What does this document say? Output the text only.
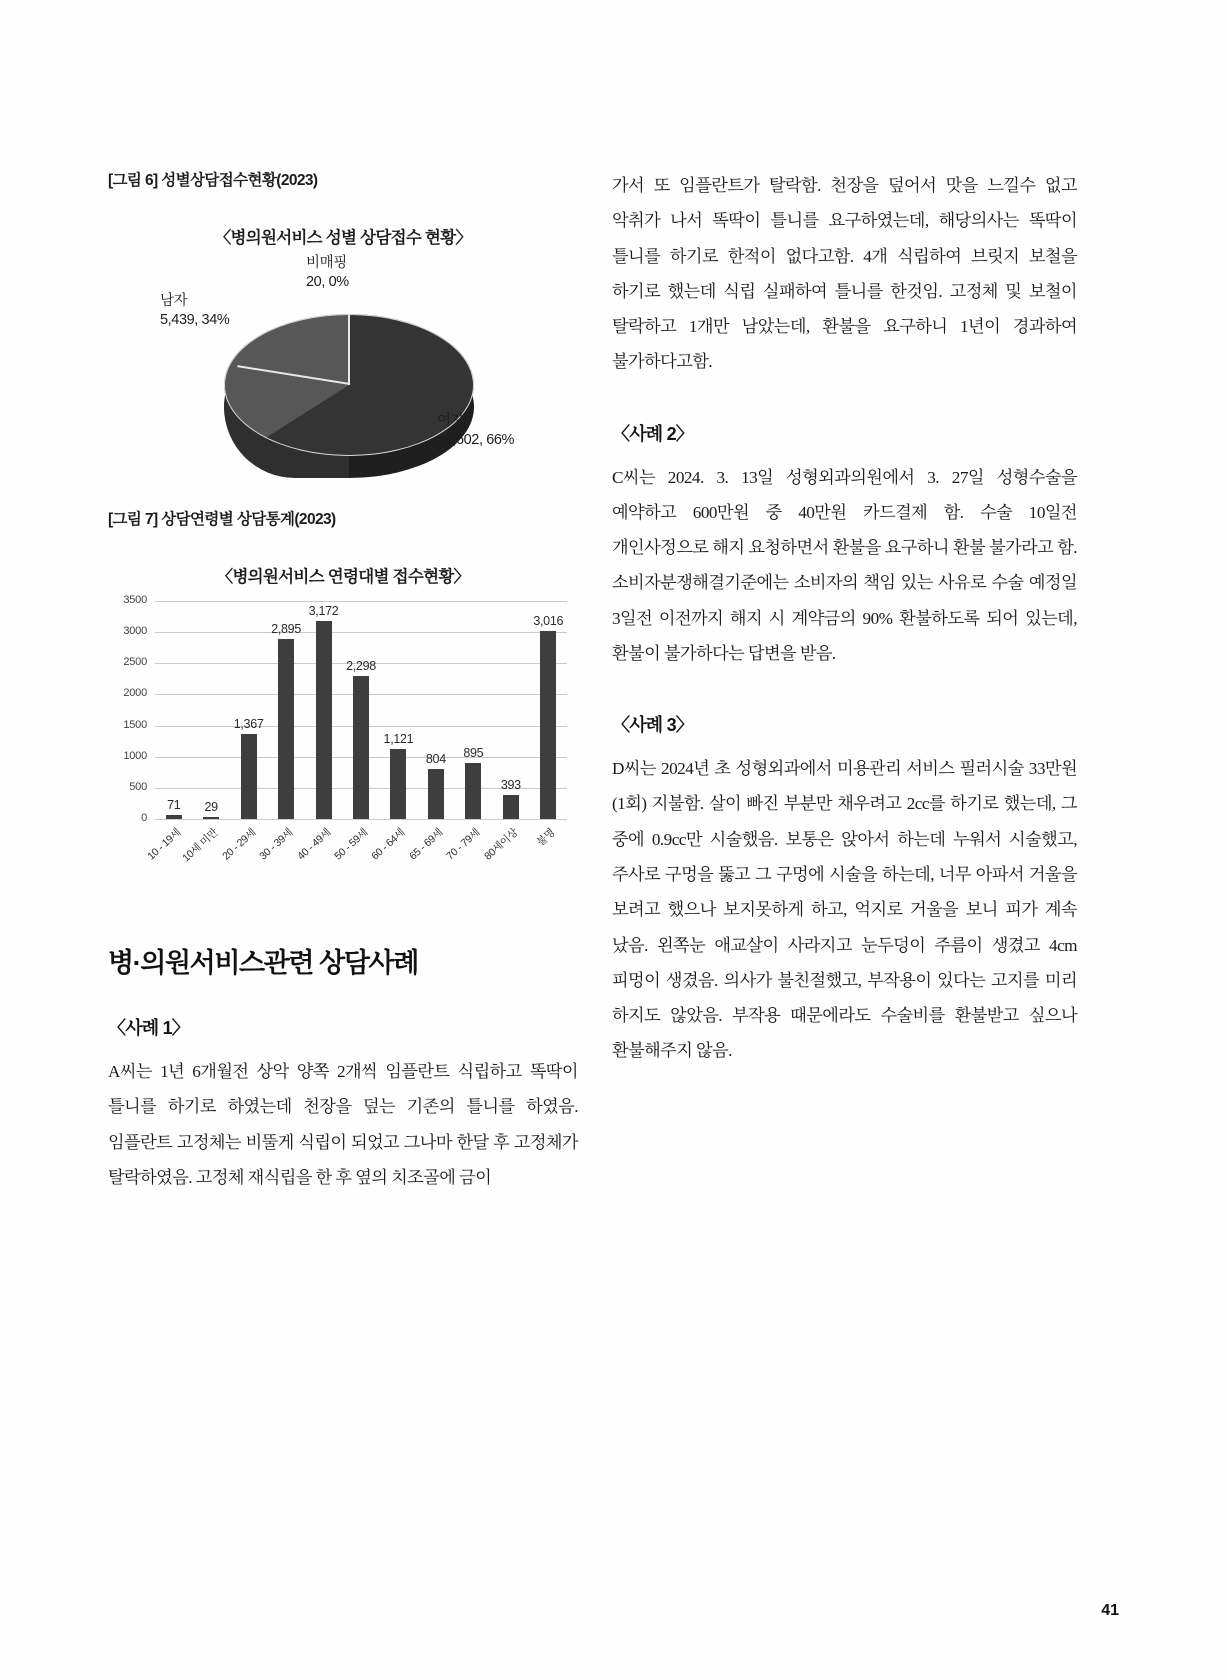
[그림 6] 성별상담접수현황(2023)
〈병의원서비스 성별 상담접수 현황〉
비매핑
20, 0%
남자
5,439, 34%
여자
10,602, 66%
[그림 7] 상담연령별 상담통계(2023)
〈병의원서비스 연령대별 접수현황〉
0
500
1000
1500
2000
2500
3000
3500
71 29
1,367
2,895
3,172
2,298
1,121
804 895
393
3,016
10 - 19세
10세 미만 20 - 29세 30 - 39세 40 - 49세 50 - 59세 60 - 64세 65 - 69세 70 - 79세 80세이상 불명
병·의원서비스관련 상담사례
〈사례 1〉

A씨는 1년 6개월전 상악 양쪽 2개씩 임플란트 식립하고 똑딱이 틀니를 하기로 하였는데 천장을 덮는 기존의 틀니를 하였음. 임플란트 고정체는 비뚤게 식립이 되었고 그나마 한달 후 고정체가 탈락하였음. 고정체 재식립을 한 후 옆의 치조골에 금이

가서 또 임플란트가 탈락함. 천장을 덮어서 맛을 느낄수 없고 악취가 나서 똑딱이 틀니를 요구하였는데, 해당의사는 똑딱이 틀니를 하기로 한적이 없다고함. 4개 식립하여 브릿지 보철을 하기로 했는데 식립 실패하여 틀니를 한것임. 고정체 및 보철이 탈락하고 1개만 남았는데, 환불을 요구하니 1년이 경과하여 불가하다고함.

〈사례 2〉

C씨는 2024. 3. 13일 성형외과의원에서 3. 27일 성형수술을 예약하고 600만원 중 40만원 카드결제 함. 수술 10일전 개인사정으로 해지 요청하면서 환불을 요구하니 환불 불가라고 함. 소비자분쟁해결기준에는 소비자의 책임 있는 사유로 수술 예정일 3일전 이전까지 해지 시 계약금의 90% 환불하도록 되어 있는데, 환불이 불가하다는 답변을 받음.

〈사례 3〉

D씨는 2024년 초 성형외과에서 미용관리 서비스 필러시술 33만원(1회) 지불함. 살이 빠진 부분만 채우려고 2cc를 하기로 했는데, 그 중에 0.9cc만 시술했음. 보통은 앉아서 하는데 누워서 시술했고, 주사로 구멍을 뚫고 그 구멍에 시술을 하는데, 너무 아파서 거울을 보려고 했으나 보지못하게 하고, 억지로 거울을 보니 피가 계속 났음. 왼쪽눈 애교살이 사라지고 눈두덩이 주름이 생겼고 4cm 피멍이 생겼음. 의사가 불친절했고, 부작용이 있다는 고지를 미리 하지도 않았음. 부작용 때문에라도 수술비를 환불받고 싶으나 환불해주지 않음.

41
